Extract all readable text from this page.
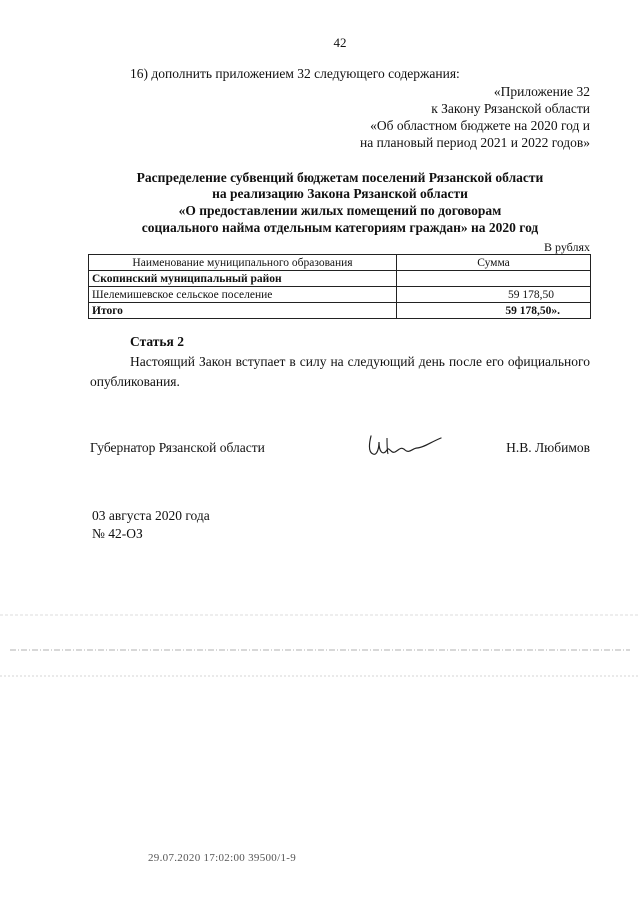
42
16) дополнить приложением 32 следующего содержания:
«Приложение 32
к Закону Рязанской области
«Об областном бюджете на 2020 год и
на плановый период 2021 и 2022 годов»
Распределение субвенций бюджетам поселений Рязанской области
на реализацию Закона Рязанской области
«О предоставлении жилых помещений по договорам
социального найма отдельным категориям граждан» на 2020 год
В рублях
Наименование муниципального образования	Сумма
Скопинский муниципальный район	
Шелемишевское сельское поселение	59 178,50
Итого	59 178,50».
Статья 2
Настоящий Закон вступает в силу на следующий день после его официального опубликования.
Губернатор Рязанской области	Н.В. Любимов
03 августа 2020 года
№ 42-ОЗ
29.07.2020 17:02:00 39500/1-9
